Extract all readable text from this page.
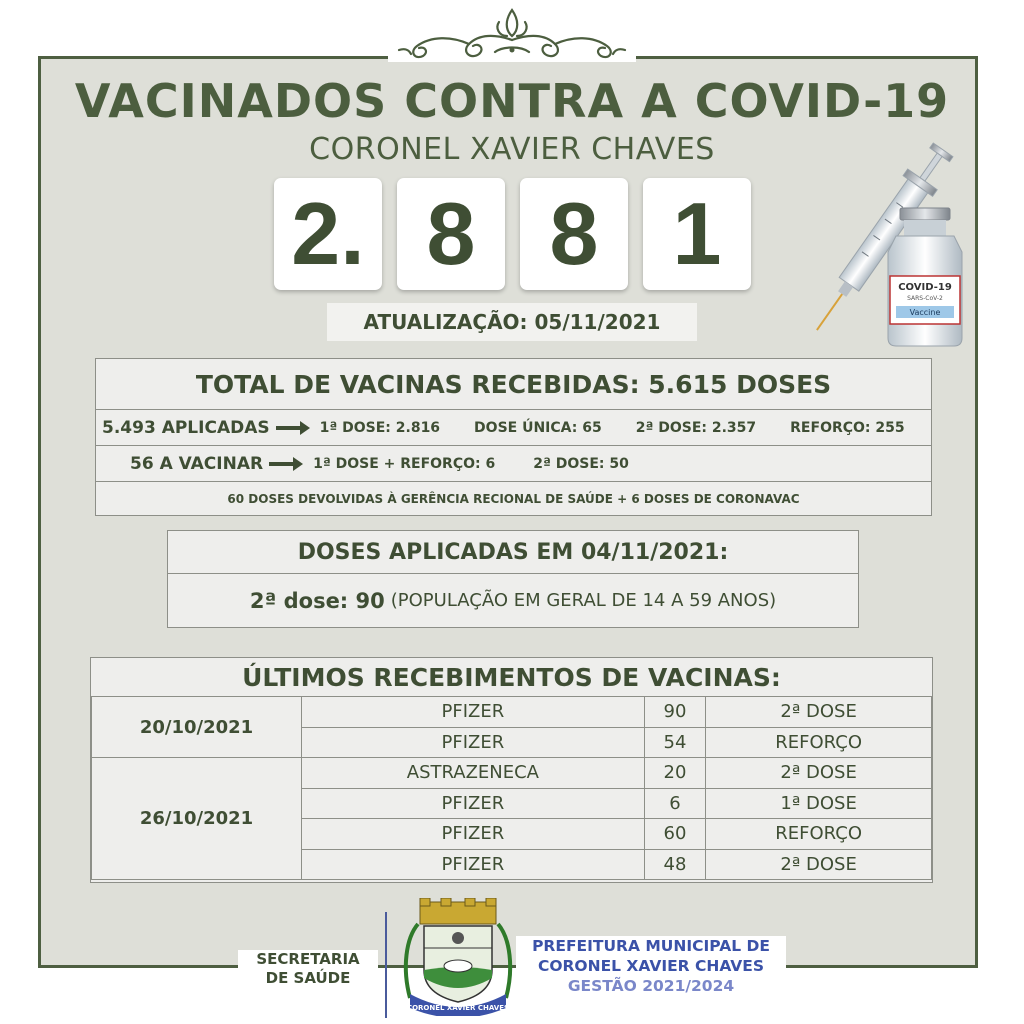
VACINADOS CONTRA A COVID-19
CORONEL XAVIER CHAVES
2. 8 8 1
ATUALIZAÇÃO: 05/11/2021
COVID-19
SARS-CoV-2
Vaccine
TOTAL DE VACINAS RECEBIDAS: 5.615 DOSES
5.493 APLICADAS	1ª DOSE: 2.816 DOSE ÚNICA: 65 2ª DOSE: 2.357 REFORÇO: 255
56 A VACINAR	1ª DOSE + REFORÇO: 6	2ª DOSE: 50
60 DOSES DEVOLVIDAS À GERÊNCIA RECIONAL DE SAÚDE + 6 DOSES DE CORONAVAC
DOSES APLICADAS EM 04/11/2021:
2ª dose: 90 (POPULAÇÃO EM GERAL DE 14 A 59 ANOS)
ÚLTIMOS RECEBIMENTOS DE VACINAS:
20/10/2021	PFIZER	90	2ª DOSE
	PFIZER	54	REFORÇO
26/10/2021	ASTRAZENECA	20	2ª DOSE
	PFIZER	6	1ª DOSE
	PFIZER	60	REFORÇO
	PFIZER	48	2ª DOSE
SECRETARIA
DE SAÚDE
CORONEL XAVIER CHAVES
PREFEITURA MUNICIPAL DE
CORONEL XAVIER CHAVES
GESTÃO 2021/2024
